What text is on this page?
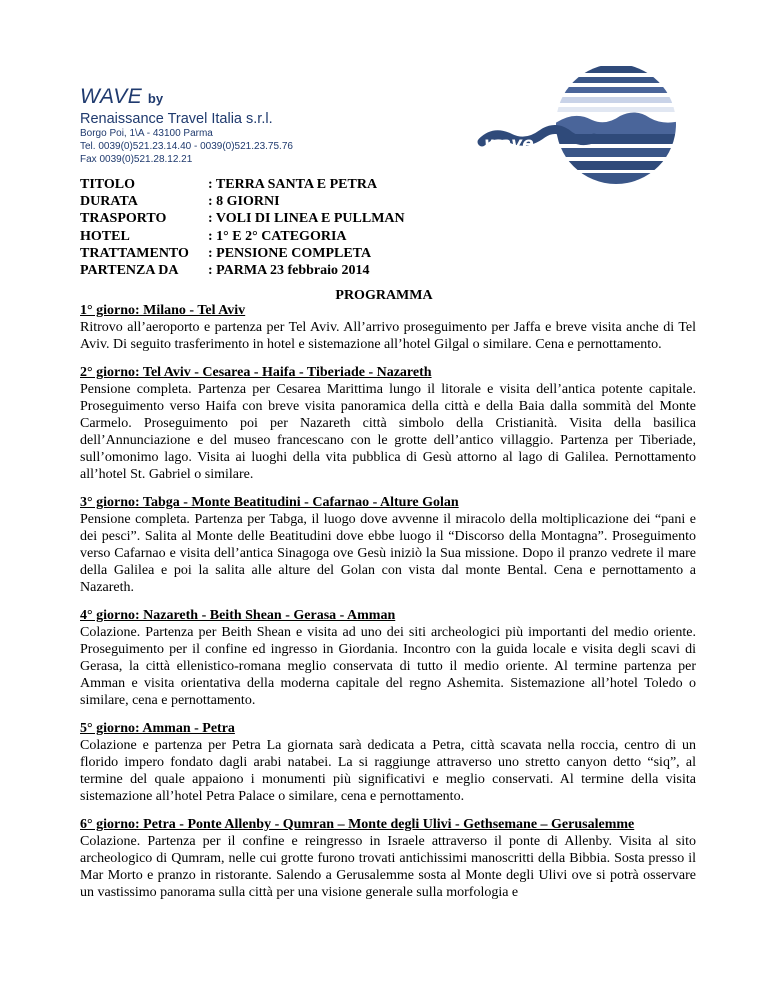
WAVE by
Renaissance Travel Italia s.r.l.
Borgo Poi, 1\A - 43100 Parma
Tel. 0039(0)521.23.14.40 - 0039(0)521.23.75.76
Fax 0039(0)521.28.12.21
wave
TITOLO	: TERRA SANTA E PETRA
DURATA	: 8 GIORNI
TRASPORTO	: VOLI DI LINEA E PULLMAN
HOTEL	: 1° E 2° CATEGORIA
TRATTAMENTO : PENSIONE COMPLETA
PARTENZA DA : PARMA 23 febbraio 2014
PROGRAMMA
1° giorno: Milano - Tel Aviv
Ritrovo all’aeroporto e partenza per Tel Aviv. All’arrivo proseguimento per Jaffa e breve visita anche di Tel Aviv. Di seguito trasferimento in hotel e sistemazione all’hotel Gilgal o similare. Cena e pernottamento.
2° giorno: Tel Aviv - Cesarea - Haifa - Tiberiade - Nazareth
Pensione completa. Partenza per Cesarea Marittima lungo il litorale e visita dell’antica potente capitale. Proseguimento verso Haifa con breve visita panoramica della città e della Baia dalla sommità del Monte Carmelo. Proseguimento poi per Nazareth città simbolo della Cristianità. Visita della basilica dell’Annunciazione e del museo francescano con le grotte dell’antico villaggio. Partenza per Tiberiade, sull’omonimo lago. Visita ai luoghi della vita pubblica di Gesù attorno al lago di Galilea. Pernottamento all’hotel St. Gabriel o similare.
3° giorno: Tabga - Monte Beatitudini - Cafarnao - Alture Golan
Pensione completa. Partenza per Tabga, il luogo dove avvenne il miracolo della moltiplicazione dei “pani e dei pesci”. Salita al Monte delle Beatitudini dove ebbe luogo il “Discorso della Montagna”. Proseguimento verso Cafarnao e visita dell’antica Sinagoga ove Gesù iniziò la Sua missione. Dopo il pranzo vedrete il mare della Galilea e poi la salita alle alture del Golan con vista dal monte Bental. Cena e pernottamento a Nazareth.
4° giorno: Nazareth - Beith Shean - Gerasa - Amman
Colazione. Partenza per Beith Shean e visita ad uno dei siti archeologici più importanti del medio oriente. Proseguimento per il confine ed ingresso in Giordania. Incontro con la guida locale e visita degli scavi di Gerasa, la città ellenistico-romana meglio conservata di tutto il medio oriente. Al termine partenza per Amman e visita orientativa della moderna capitale del regno Ashemita. Sistemazione all’hotel Toledo o similare, cena e pernottamento.
5° giorno: Amman - Petra
Colazione e partenza per Petra La giornata sarà dedicata a Petra, città scavata nella roccia, centro di un florido impero fondato dagli arabi natabei. La si raggiunge attraverso uno stretto canyon detto “siq”, al termine del quale appaiono i monumenti più significativi e meglio conservati. Al termine della visita sistemazione all’hotel Petra Palace o similare, cena e pernottamento.
6° giorno: Petra - Ponte Allenby - Qumran – Monte degli Ulivi - Gethsemane – Gerusalemme
Colazione. Partenza per il confine e reingresso in Israele attraverso il ponte di Allenby. Visita al sito archeologico di Qumram, nelle cui grotte furono trovati antichissimi manoscritti della Bibbia. Sosta presso il Mar Morto e pranzo in ristorante. Salendo a Gerusalemme sosta al Monte degli Ulivi ove si potrà osservare un vastissimo panorama sulla città per una visione generale sulla morfologia e
